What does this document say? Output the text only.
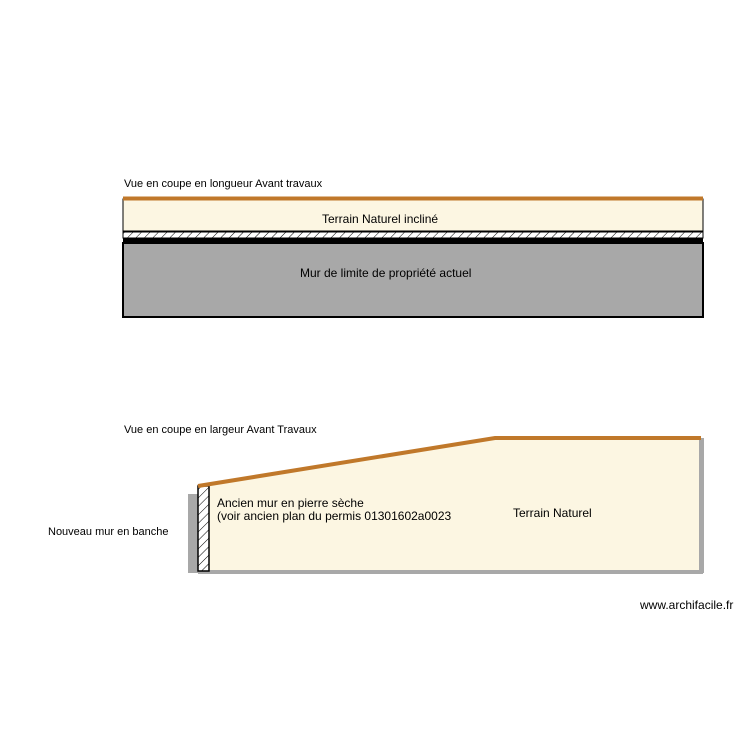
Vue en coupe en longueur Avant travaux
Terrain Naturel incliné
Mur de limite de propriété actuel
Vue en coupe en largeur Avant Travaux
Ancien mur en pierre sèche
(voir ancien plan du permis 01301602a0023	Terrain Naturel
Nouveau mur en banche
www.archifacile.fr
